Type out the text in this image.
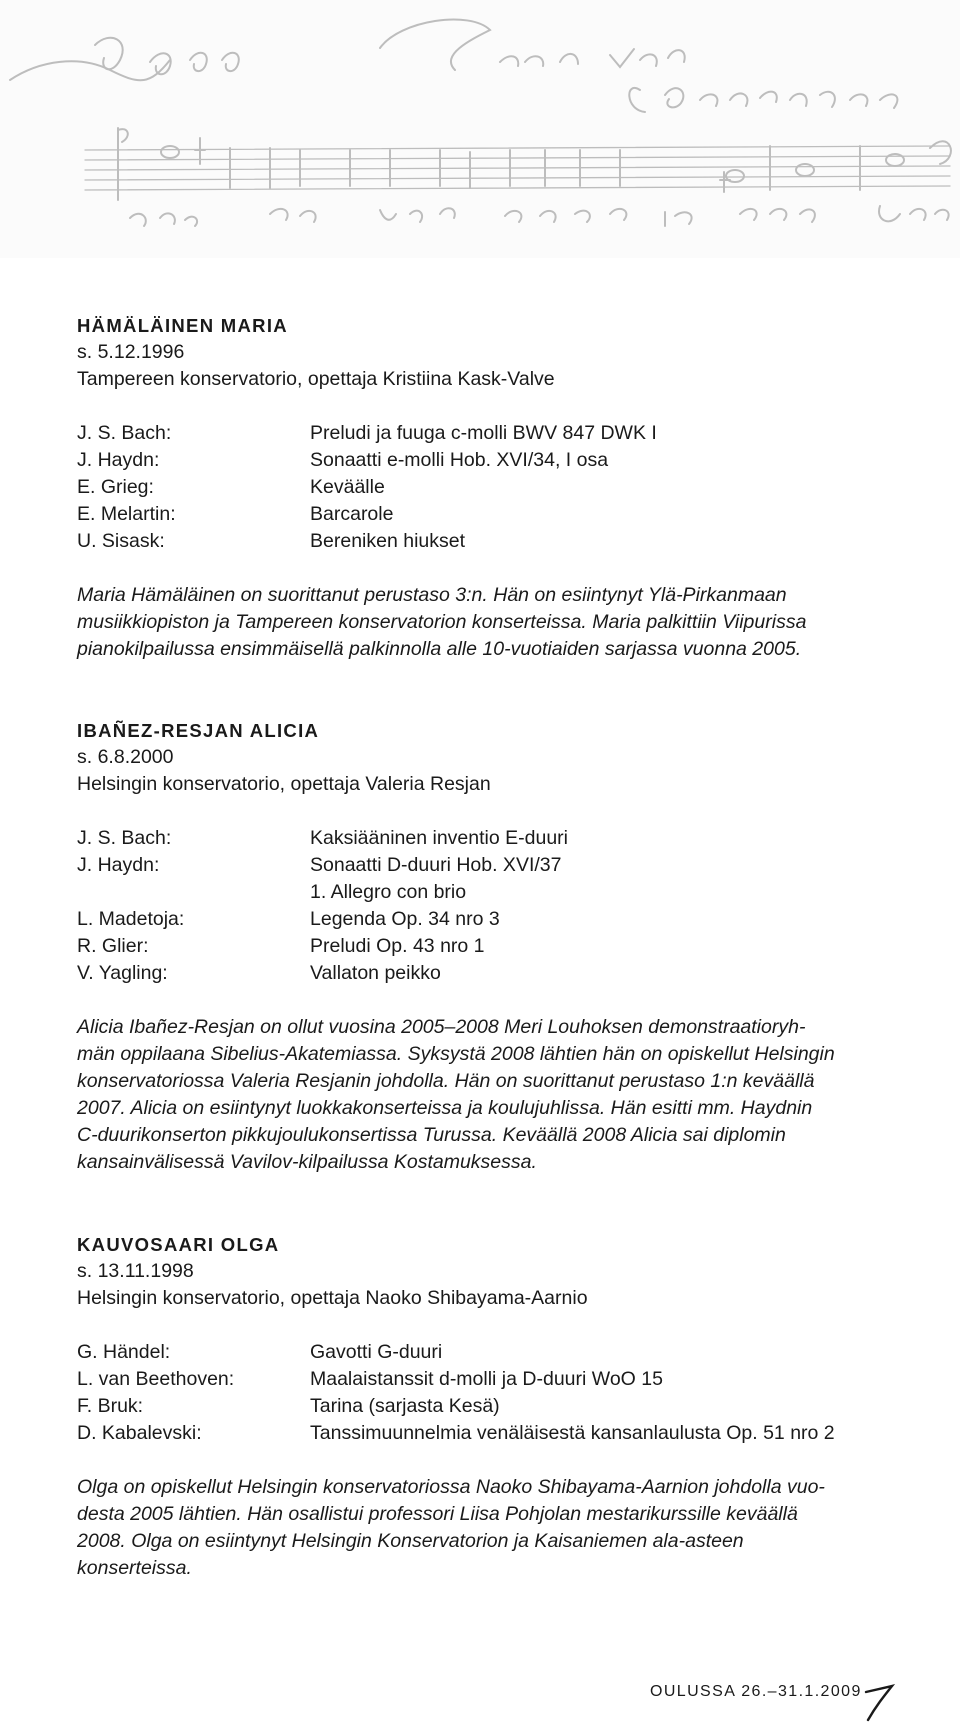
HÄMÄLÄINEN MARIA

s. 5.12.1996

Tampereen konservatorio, opettaja Kristiina Kask-Valve

J. S. Bach:	Preludi ja fuuga c-molli BWV 847 DWK I
J. Haydn:	Sonaatti e-molli Hob. XVI/34, I osa
E. Grieg:	Keväälle
E. Melartin:	Barcarole
U. Sisask:	Bereniken hiukset

Maria Hämäläinen on suorittanut perustaso 3:n. Hän on esiintynyt Ylä-Pirkanmaan

musiikkiopiston ja Tampereen konservatorion konserteissa. Maria palkittiin Viipurissa

pianokilpailussa ensimmäisellä palkinnolla alle 10-vuotiaiden sarjassa vuonna 2005.

IBAÑEZ-RESJAN ALICIA

s. 6.8.2000

Helsingin konservatorio, opettaja Valeria Resjan

J. S. Bach:	Kaksiääninen inventio E-duuri
J. Haydn:	Sonaatti D-duuri Hob. XVI/37
1. Allegro con brio
L. Madetoja:	Legenda Op. 34 nro 3
R. Glier:	Preludi Op. 43 nro 1
V. Yagling:	Vallaton peikko

Alicia Ibañez-Resjan on ollut vuosina 2005–2008 Meri Louhoksen demonstraatioryh-

män oppilaana Sibelius-Akatemiassa. Syksystä 2008 lähtien hän on opiskellut Helsingin

konservatoriossa Valeria Resjanin johdolla. Hän on suorittanut perustaso 1:n keväällä

2007. Alicia on esiintynyt luokkakonserteissa ja koulujuhlissa. Hän esitti mm. Haydnin

C-duurikonserton pikkujoulukonsertissa Turussa. Keväällä 2008 Alicia sai diplomin

kansainvälisessä Vavilov-kilpailussa Kostamuksessa.

KAUVOSAARI OLGA

s. 13.11.1998

Helsingin konservatorio, opettaja Naoko Shibayama-Aarnio

G. Händel:	Gavotti G-duuri
L. van Beethoven:	Maalaistanssit d-molli ja D-duuri WoO 15
F. Bruk:	Tarina (sarjasta Kesä)
D. Kabalevski:	Tanssimuunnelmia venäläisestä kansanlaulusta Op. 51 nro 2

Olga on opiskellut Helsingin konservatoriossa Naoko Shibayama-Aarnion johdolla vuo-

desta 2005 lähtien. Hän osallistui professori Liisa Pohjolan mestarikurssille keväällä

2008. Olga on esiintynyt Helsingin Konservatorion ja Kaisaniemen ala-asteen

konserteissa.

OULUSSA 26.–31.1.2009
